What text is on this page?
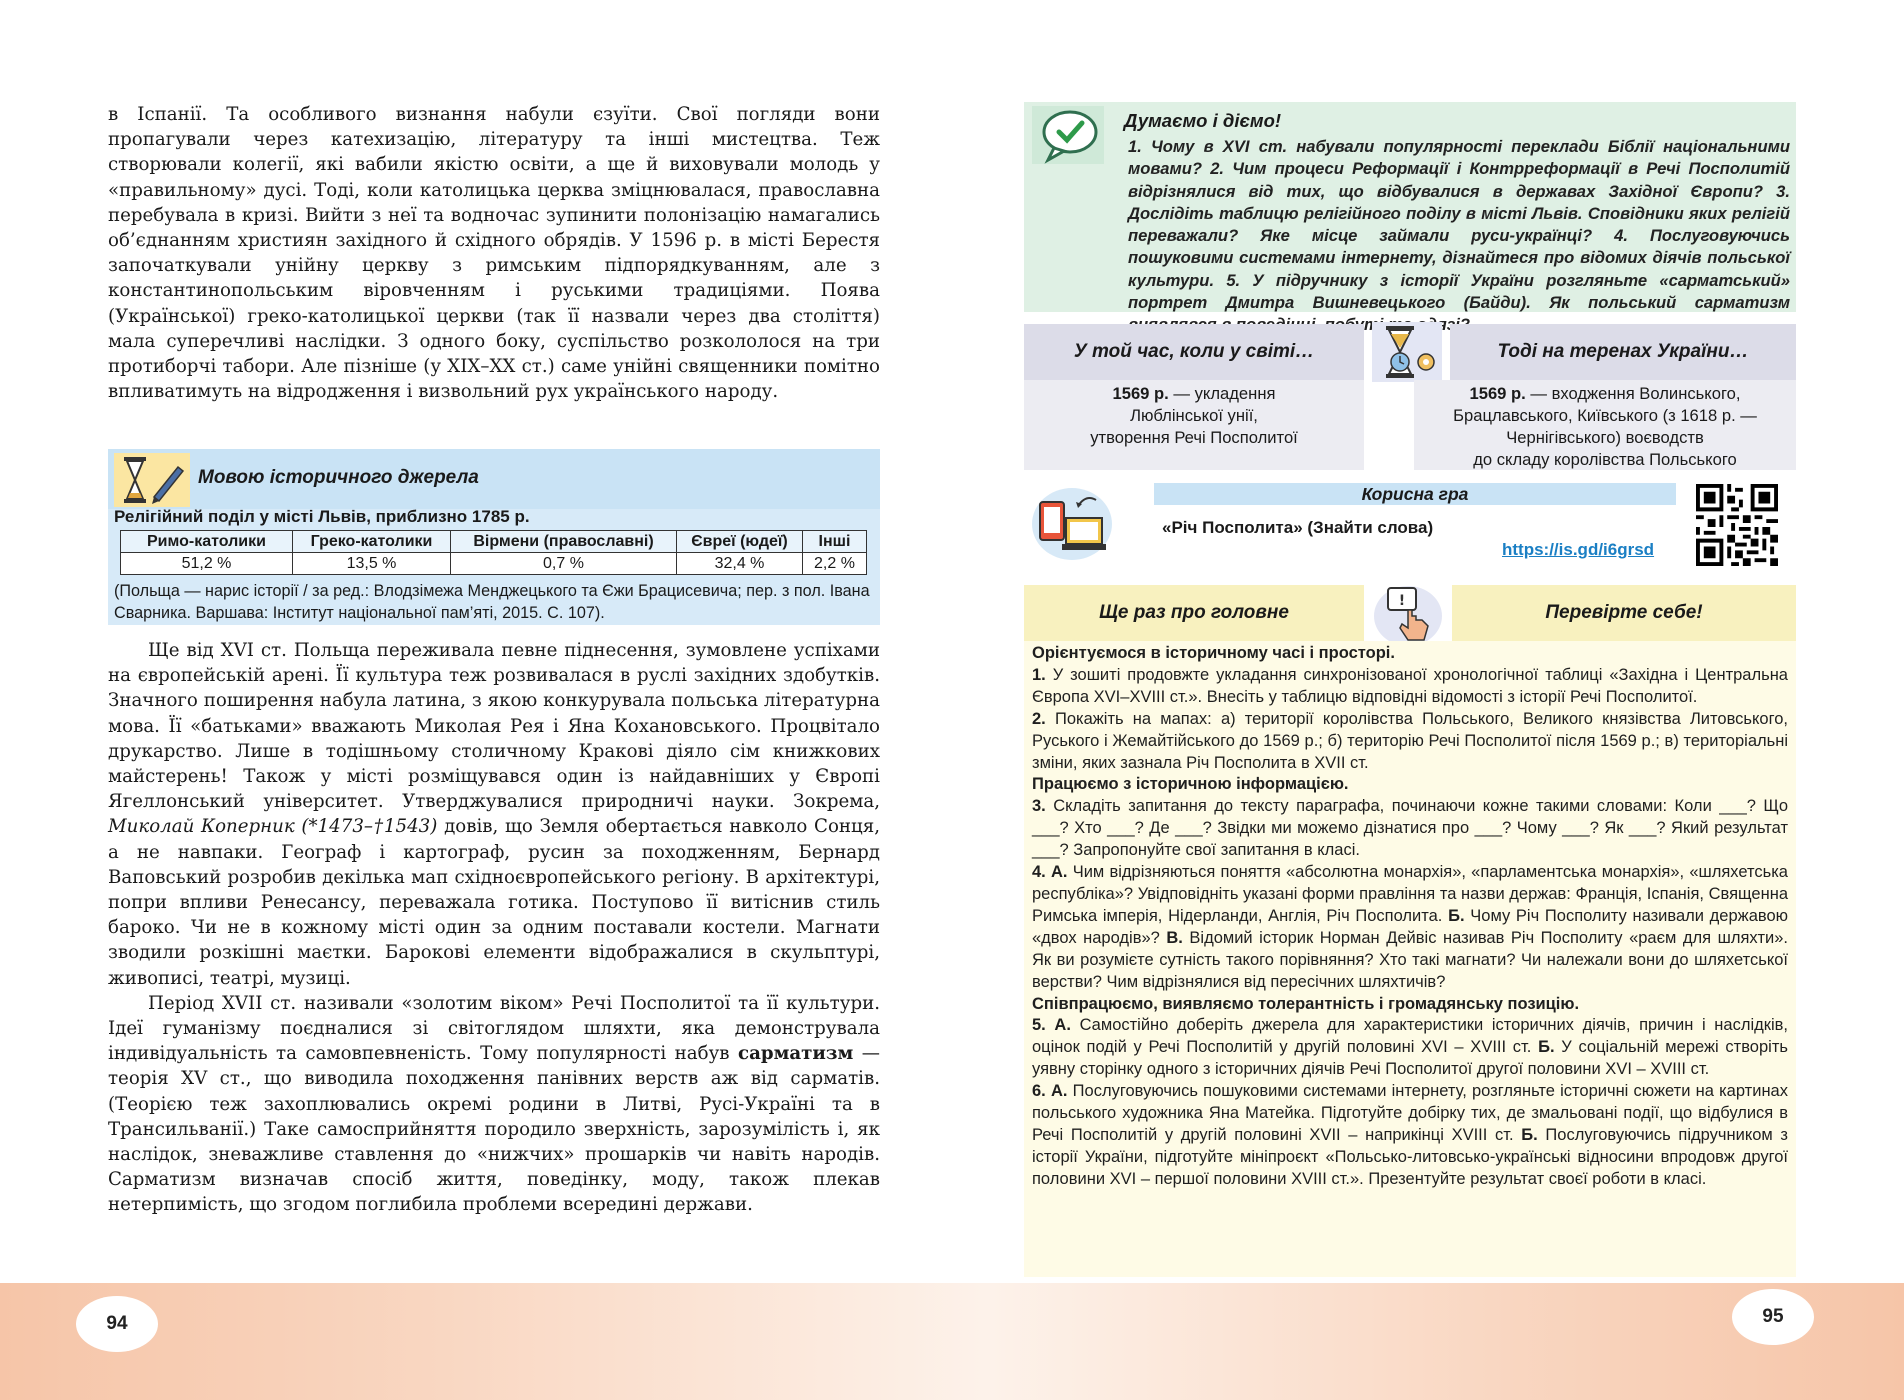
94	95

в Іспанії. Та особливого визнання набули єзуїти. Свої погляди вони пропагували через катехизацію, літературу та інші мистецтва. Теж створювали колегії, які вабили якістю освіти, а ще й виховували молодь у «правильному» дусі. Тоді, коли католицька церква зміцнювалася, православна перебувала в кризі. Вийти з неї та водночас зупинити полонізацію намагались об’єднанням християн західного й східного обрядів. У 1596 р. в місті Берестя започаткували унійну церкву з римським підпорядкуванням, але з константинопольським віровченням і руськими традиціями. Поява (Української) греко-католицької церкви (так її назвали через два століття) мала суперечливі наслідки. З одного боку, суспільство розкололося на три протиборчі табори. Але пізніше (у XIX–XX ст.) саме унійні священники помітно впливатимуть на відродження і визвольний рух українського народу.

Мовою історичного джерела
Релігійний поділ у місті Львів, приблизно 1785 р.
Римо-католики	Греко-католики	Вірмени (православні)	Євреї (юдеї)	Інші
51,2 %	13,5 %	0,7 %	32,4 %	2,2 %
(Польща — нарис історії / за ред.: Влодзімежа Менджецького та Єжи Брацисевича; пер. з пол. Івана Сварника. Варшава: Інститут національної пам’яті, 2015. С. 107).

Ще від XVI ст. Польща переживала певне піднесення, зумовлене успіхами на європейській арені. Її культура теж розвивалася в руслі західних здобутків. Значного поширення набула латина, з якою конкурувала польська літературна мова. Її «батьками» вважають Миколая Рея і Яна Кохановського. Процвітало друкарство. Лише в тодішньому столичному Кракові діяло сім книжкових майстерень! Також у місті розміщувався один із найдавніших у Європі Ягеллонський університет. Утверджувалися природничі науки. Зокрема, Миколай Коперник (*1473–†1543) довів, що Земля обертається навколо Сонця, а не навпаки. Географ і картограф, русин за походженням, Бернард Ваповський розробив декілька мап східноєвропейського регіону. В архітектурі, попри впливи Ренесансу, переважала готика. Поступово її витіснив стиль бароко. Чи не в кожному місті один за одним поставали костели. Магнати зводили розкішні маєтки. Барокові елементи відображалися в скульптурі, живописі, театрі, музиці.

Період XVII ст. називали «золотим віком» Речі Посполитої та її культури. Ідеї гуманізму поєдналися зі світоглядом шляхти, яка демонструвала індивідуальність та самовпевненість. Тому популярності набув сарматизм — теорія XV ст., що виводила походження панівних верств аж від сарматів. (Теорією теж захоплювались окремі родини в Литві, Русі-Україні та в Трансильванії.) Таке самосприйняття породило зверхність, зарозумілість і, як наслідок, зневажливе ставлення до «нижчих» прошарків чи навіть народів. Сарматизм визначав спосіб життя, поведінку, моду, також плекав нетерпимість, що згодом поглибила проблеми всередині держави.

Думаємо і діємо!
1. Чому в XVI ст. набували популярності переклади Біблії національними мовами? 2. Чим процеси Реформації і Контрреформації в Речі Посполитій відрізнялися від тих, що відбувалися в державах Західної Європи? 3. Дослідіть таблицю релігійного поділу в місті Львів. Сповідники яких релігій переважали? Яке місце займали руси-українці? 4. Послуговуючись пошуковими системами інтернету, дізнайтеся про відомих діячів польської культури. 5. У підручнику з історії України розгляньте «сарматський» портрет Дмитра Вишневецького (Байди). Як польський сарматизм одязі?
У той час, коли у світі…	Тоді на теренах України…
1569 р. — укладення
Люблінської унії,
утворення Речі Посполитої
1569 р. — входження Волинського,
Брацлавського, Київського (з 1618 р. —
Чернігівського) воєводств
до складу королівства Польського
Корисна гра
«Річ Посполита» (Знайти слова)
https://is.gd/i6grsd
Ще раз про головне
!
Перевірте себе!

Орієнтуємося в історичному часі і просторі.

1. У зошиті продовжте укладання синхронізованої хронологічної таблиці «Західна і Центральна Європа XVI–XVIII ст.». Внесіть у таблицю відповідні відомості з історії Речі Посполитої.

2. Покажіть на мапах: а) території королівства Польського, Великого князівства Литовського, Руського і Жемайтійського до 1569 р.; б) територію Речі Посполитої після 1569 р.; в) територіальні зміни, яких зазнала Річ Посполита в XVII ст.

Працюємо з історичною інформацією.

3. Складіть запитання до тексту параграфа, починаючи кожне такими словами: Коли ___? Що ___? Хто ___? Де ___? Звідки ми можемо дізнатися про ___? Чому ___? Як ___? Який результат ___? Запропонуйте свої запитання в класі.

4. А. Чим відрізняються поняття «абсолютна монархія», «парламентська монархія», «шляхетська республіка»? Увідповідніть указані форми правління та назви держав: Франція, Іспанія, Священна Римська імперія, Нідерланди, Англія, Річ Посполита. Б. Чому Річ Посполиту називали державою «двох народів»? В. Відомий історик Норман Дейвіс називав Річ Посполиту «раєм для шляхти». Як ви розумієте сутність такого порівняння? Хто такі магнати? Чи належали вони до шляхетської верстви? Чим відрізнялися від пересічних шляхтичів?

Співпрацюємо, виявляємо толерантність і громадянську позицію.

5. А. Самостійно доберіть джерела для характеристики історичних діячів, причин і наслідків, оцінок подій у Речі Посполитій у другій половині XVI – XVIII ст. Б. У соціальній мережі створіть уявну сторінку одного з історичних діячів Речі Посполитої другої половини XVI – XVIII ст.

6. А. Послуговуючись пошуковими системами інтернету, розгляньте історичні сюжети на картинах польського художника Яна Матейка. Підготуйте добірку тих, де змальовані події, що відбулися в Речі Посполитій у другій половині XVII – наприкінці XVIII ст. Б. Послуговуючись підручником з історії України, підготуйте мініпроєкт «Польсько-литовсько-українські відносини впродовж другої половини XVI – першої половини XVIII ст.». Презентуйте результат своєї роботи в класі.
